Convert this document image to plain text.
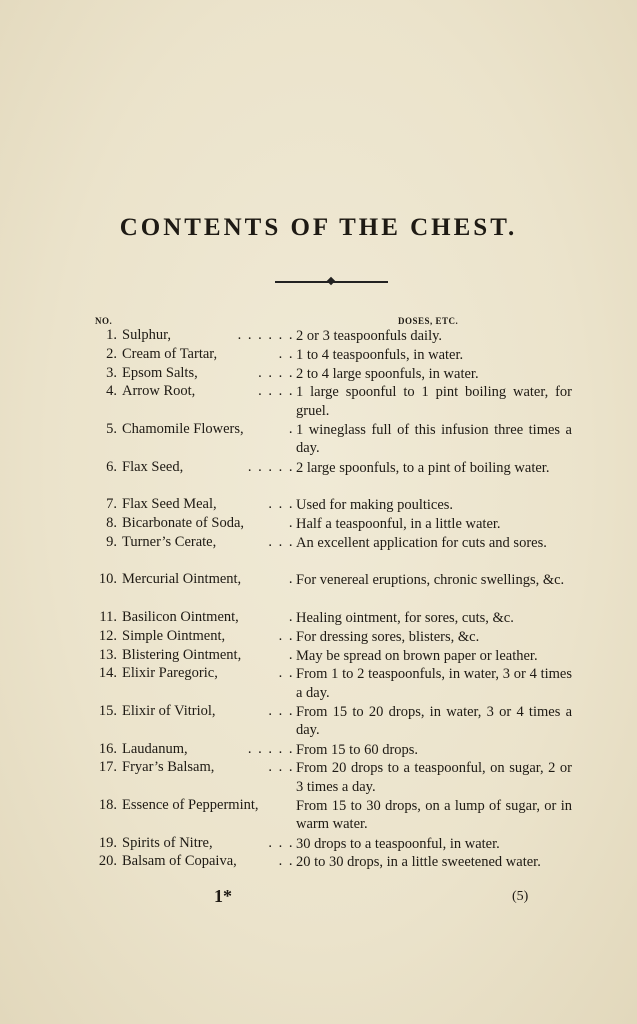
CONTENTS OF THE CHEST.
NO.	DOSES, ETC.
1. Sulphur,	. . . . . . 2 or 3 teaspoonfuls daily.
2. Cream of Tartar,	. . 1 to 4 teaspoonfuls, in water.
3. Epsom Salts,	. . . . 2 to 4 large spoonfuls, in water.
4. Arrow Root,	. . . . 1 large spoonful to 1 pint boiling water, for gruel.
5. Chamomile Flowers,	. 1 wineglass full of this infusion three times a day.
6. Flax Seed,	. . . . . 2 large spoonfuls, to a pint of boiling water.
7. Flax Seed Meal,	. . . Used for making poultices.
8. Bicarbonate of Soda,	. Half a teaspoonful, in a little water.
9. Turner’s Cerate,	. . . An excellent application for cuts and sores.
10. Mercurial Ointment,	. For venereal eruptions, chronic swellings, &c.
11. Basilicon Ointment,	. Healing ointment, for sores, cuts, &c.
12. Simple Ointment,	. . For dressing sores, blisters, &c.
13. Blistering Ointment,	. May be spread on brown paper or leather.
14. Elixir Paregoric,	. . From 1 to 2 teaspoonfuls, in water, 3 or 4 times a day.
15. Elixir of Vitriol,	. . . From 15 to 20 drops, in water, 3 or 4 times a day.
16. Laudanum,	. . . . . From 15 to 60 drops.
17. Fryar’s Balsam,	. . . From 20 drops to a teaspoonful, on sugar, 2 or 3 times a day.
18. Essence of Peppermint,	From 15 to 30 drops, on a lump of sugar, or in warm water.
19. Spirits of Nitre,	. . . 30 drops to a teaspoonful, in water.
20. Balsam of Copaiva,	. . 20 to 30 drops, in a little sweetened water.
1*	(5)
